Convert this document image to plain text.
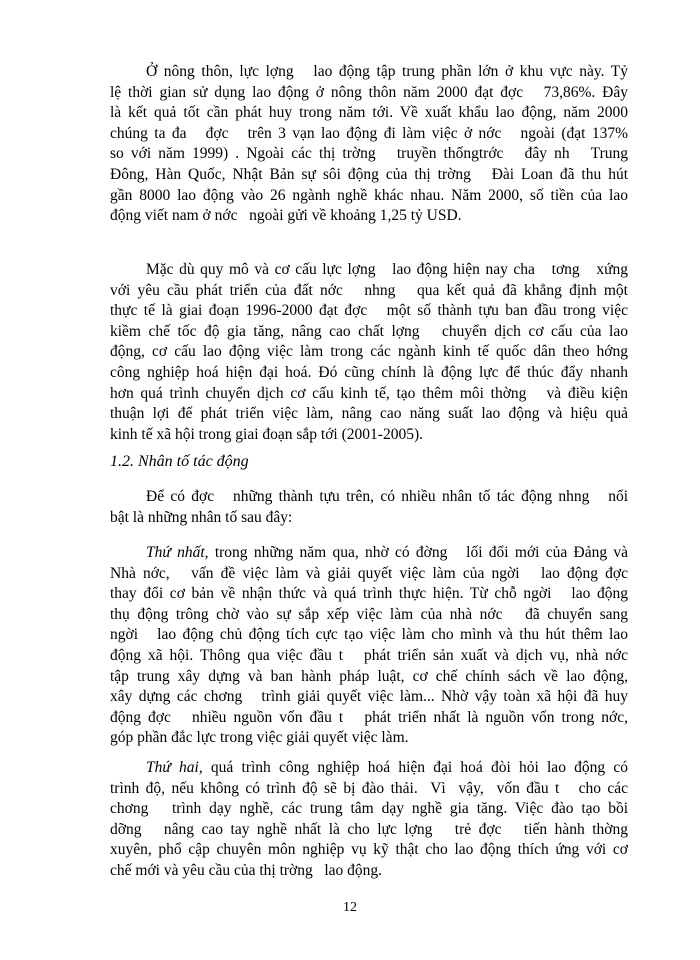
Ở nông thôn, lực lợng   lao động tập trung phần lớn ở khu vực này. Tỷ
lệ thời gian sử dụng lao động ở nông thôn năm 2000 đạt đợc   73,86%. Đây
là kết quả tốt cần phát huy trong năm tới. Về xuất khẩu lao động, năm 2000
chúng ta đa   đợc   trên 3 vạn lao động đi làm việc ở nớc   ngoài (đạt 137%
so với năm 1999) . Ngoài các thị trờng   truyền thốngtrớc   đây nh   Trung
Đông, Hàn Quốc, Nhật Bản sự sôi động của thị trờng   Đài Loan đã thu hút
gần 8000 lao động vào 26 ngành nghề khác nhau. Năm 2000, số tiền của lao
động viết nam ở nớc   ngoài gửi về khoảng 1,25 tỷ USD.
Mặc dù quy mô và cơ cấu lực lợng   lao động hiện nay cha   tơng   xứng
với yêu cầu phát triển của đất nớc   nhng   qua kết quả đã khẳng định một
thực tế là giai đoạn 1996-2000 đạt đợc   một số thành tựu ban đầu trong việc
kiềm chế tốc độ gia tăng, nâng cao chất lợng   chuyển dịch cơ cấu của lao
động, cơ cấu lao động việc làm trong các ngành kinh tế quốc dân theo hớng
công nghiệp hoá hiện đại hoá. Đó cũng chính là động lực để thúc đẩy nhanh
hơn quá trình chuyển dịch cơ cấu kinh tế, tạo thêm môi thờng   và điều kiện
thuận lợi để phát triển việc làm, nâng cao năng suất lao động và hiệu quả
kinh tế xã hội trong giai đoạn sắp tới (2001-2005).

1.2. Nhân tố tác động

Để có đợc   những thành tựu trên, có nhiều nhân tố tác động nhng   nổi
bật là những nhân tố sau đây:
Thứ nhất, trong những năm qua, nhờ có đờng   lối đổi mới của Đảng và
Nhà nớc,   vấn đề việc làm và giải quyết việc làm của ngời   lao động đợc
thay đổi cơ bản về nhận thức và quá trình thực hiện. Từ chỗ ngời   lao động
thụ động trông chờ vào sự sắp xếp việc làm của nhà nớc   đã chuyển sang
ngời   lao động chủ động tích cực tạo việc làm cho mình và thu hút thêm lao
động xã hội. Thông qua việc đầu t   phát triển sản xuất và dịch vụ, nhà nớc
tập trung xây dựng và ban hành pháp luật, cơ chế chính sách về lao động,
xây dựng các chơng   trình giải quyết việc làm... Nhờ vậy toàn xã hội đã huy
động đợc   nhiều nguồn vốn đầu t   phát triển nhất là nguồn vốn trong nớc,
góp phần đắc lực trong việc giải quyết việc làm.
Thứ hai, quá trình công nghiệp hoá hiện đại hoá đòi hỏi lao động có
trình độ, nếu không có trình độ sẽ bị đào thải.  Vì  vậy,  vốn đầu t   cho các
chơng   trình dạy nghề, các trung tâm dạy nghề gia tăng. Việc đào tạo bồi
dỡng   nâng cao tay nghề nhất là cho lực lợng   trẻ đợc   tiến hành thờng
xuyên, phổ cập chuyên môn nghiệp vụ kỹ thật cho lao động thích ứng với cơ
chế mới và yêu cầu của thị trờng   lao động.
12
